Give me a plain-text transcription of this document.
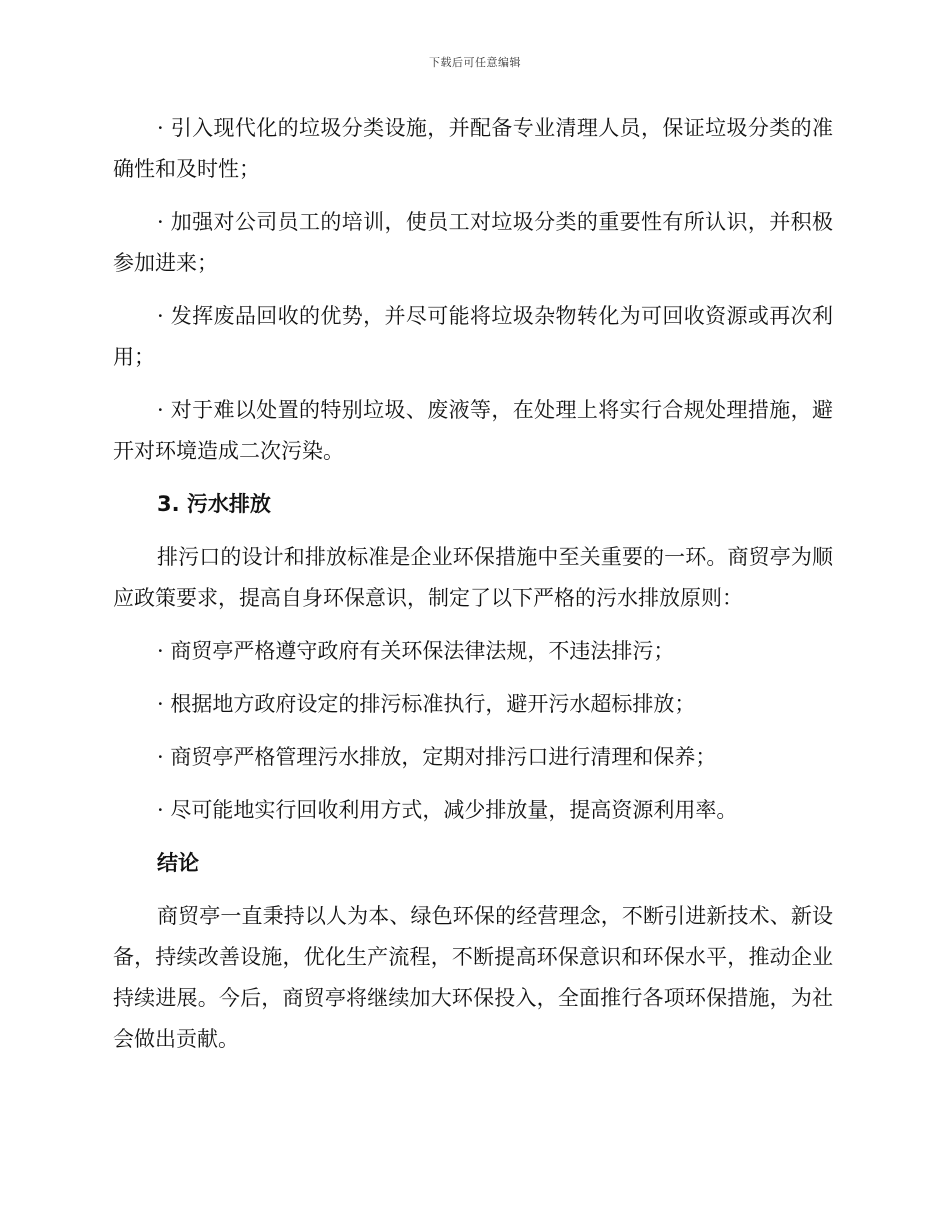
下载后可任意编辑

· 引入现代化的垃圾分类设施，并配备专业清理人员，保证垃圾分类的准确性和及时性；

· 加强对公司员工的培训，使员工对垃圾分类的重要性有所认识，并积极参加进来；

· 发挥废品回收的优势，并尽可能将垃圾杂物转化为可回收资源或再次利用；

· 对于难以处置的特别垃圾、废液等，在处理上将实行合规处理措施，避开对环境造成二次污染。

3. 污水排放

排污口的设计和排放标准是企业环保措施中至关重要的一环。商贸亭为顺应政策要求，提高自身环保意识，制定了以下严格的污水排放原则：

· 商贸亭严格遵守政府有关环保法律法规，不违法排污；

· 根据地方政府设定的排污标准执行，避开污水超标排放；

· 商贸亭严格管理污水排放，定期对排污口进行清理和保养；

· 尽可能地实行回收利用方式，减少排放量，提高资源利用率。

结论

商贸亭一直秉持以人为本、绿色环保的经营理念，不断引进新技术、新设备，持续改善设施，优化生产流程，不断提高环保意识和环保水平，推动企业持续进展。今后，商贸亭将继续加大环保投入，全面推行各项环保措施，为社会做出贡献。
